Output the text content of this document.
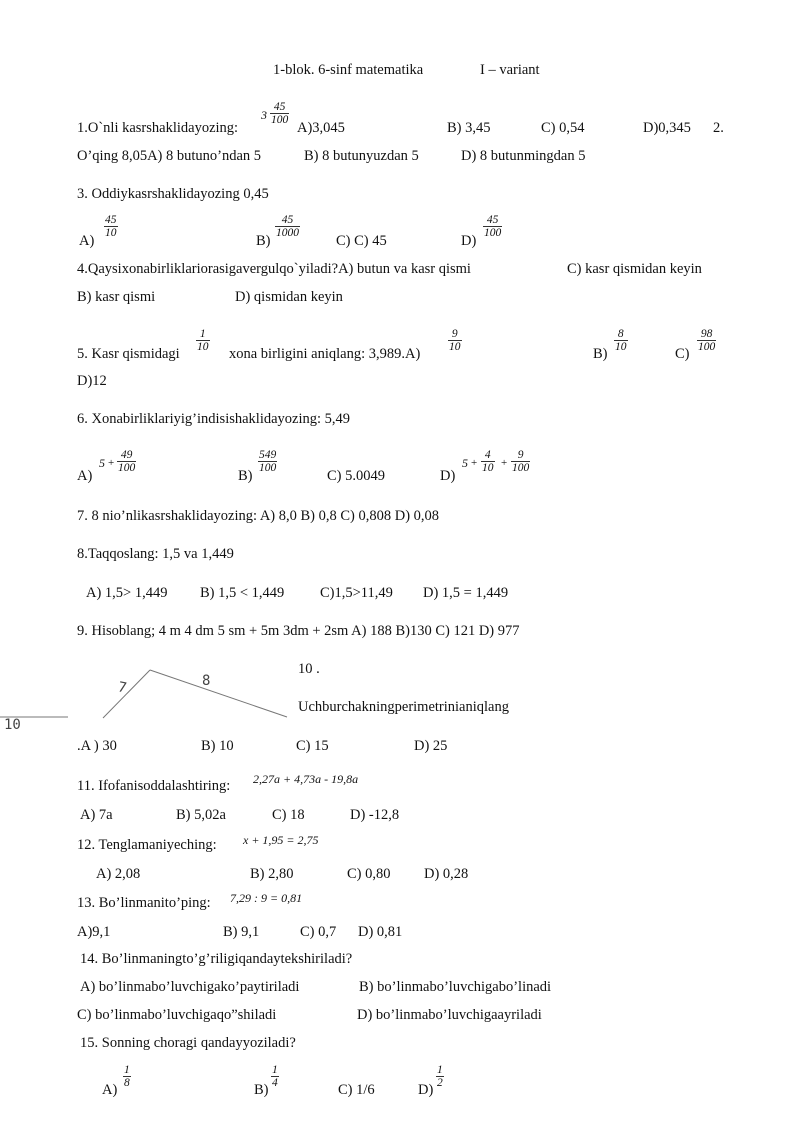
1-blok. 6-sinf matematika	I – variant
1.O`nli kasrshaklidayozing:
$3 \frac{45}{100}$
A)3,045	B) 3,45	C) 0,54	D)0,345 2.
O’qing 8,05A) 8 butuno’ndan 5	B) 8 butunyuzdan 5	D) 8 butunmingdan 5
3. Oddiykasrshaklidayozing 0,45
A)
$\frac{45}{10}$
B)
$\frac{45}{1000}$
C) C) 45	D)
$\frac{45}{100}$
4.Qaysixonabirliklariorasigavergulqo`yiladi?A) butun va kasr qismi	C) kasr qismidan keyin
B) kasr qismi	D) qismidan keyin
5. Kasr qismidagi
$\frac{1}{10}$
xona birligini aniqlang: 3,989.A)
$\frac{9}{10}$
B)
$\frac{8}{10}$
C)
$\frac{98}{100}$
D)12
6. Xonabirliklariyig’indisishaklidayozing: 5,49
A)
$5 + \frac{49}{100}$
B)
$\frac{549}{100}$
C) 5.0049	D)
$5 + \frac{4}{10} + \frac{9}{100}$
7. 8 nio’nlikasrshaklidayozing: A) 8,0 B) 0,8 C) 0,808 D) 0,08
8.Taqqoslang: 1,5 va 1,449
A) 1,5> 1,449 B) 1,5 < 1,449 C)1,5>11,49 D) 1,5 = 1,449
9. Hisoblang; 4 m 4 dm 5 sm + 5m 3dm + 2sm A) 188 B)130 C) 121 D) 977
10 .
Uchburchakningperimetrinianiqlang
7	8
10
.A ) 30	B) 10	C) 15	D) 25
11. Ifofanisoddalashtiring: 2,27a + 4,73a - 19,8a
A) 7a	B) 5,02a	C) 18	D) -12,8
12. Tenglamaniyeching: x + 1,95 = 2,75
A) 2,08	B) 2,80	C) 0,80 D) 0,28
13. Bo’linmanito’ping: 7,29 : 9 = 0,81
A)9,1	B) 9,1	C) 0,7 D) 0,81
14. Bo’linmaningto’g’riligiqandaytekshiriladi?
A) bo’linmabo’luvchigako’paytiriladi	B) bo’linmabo’luvchigabo’linadi
C) bo’linmabo’luvchigaqo”shiladi	D) bo’linmabo’luvchigaayriladi
15. Sonning choragi qandayyoziladi?
A)
$\frac{1}{8}$
B)
$\frac{1}{4}$
C) 1/6	D)
$\frac{1}{2}$
